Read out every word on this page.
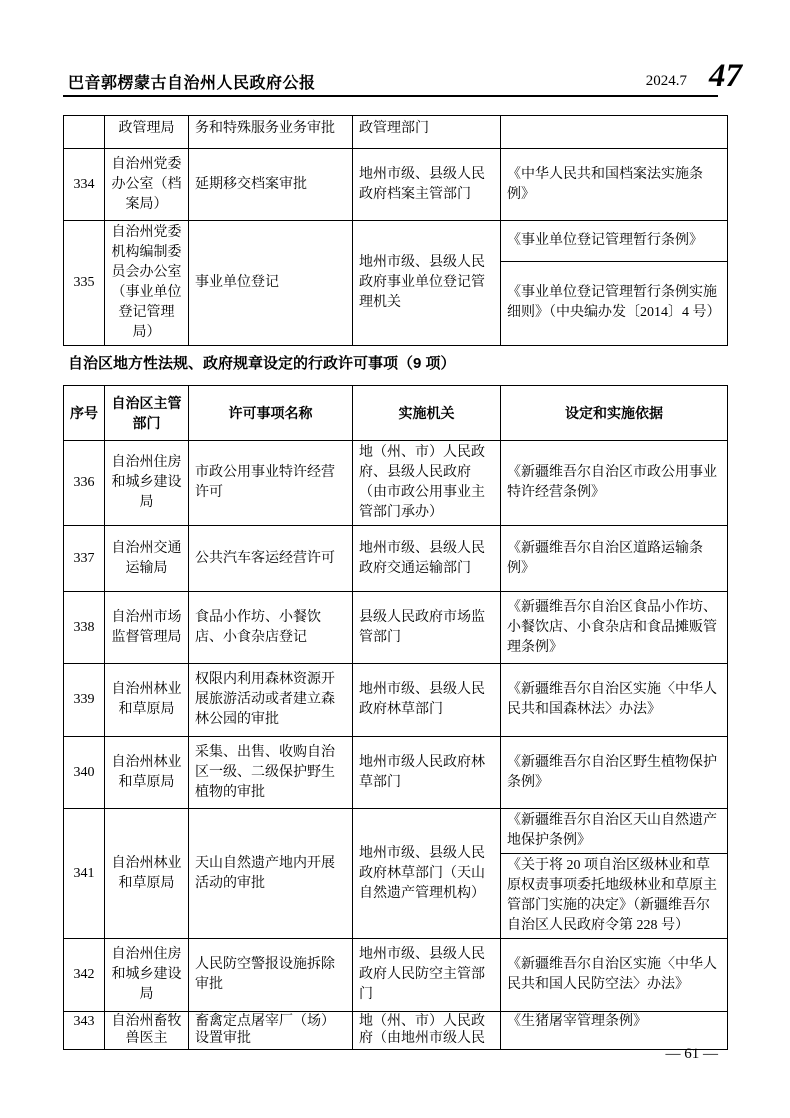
巴音郭楞蒙古自治州人民政府公报	2024.7 47
	政管理局	务和特殊服务业务审批	政管理部门	
334	自治州党委办公室（档案局）	延期移交档案审批	地州市级、县级人民政府档案主管部门	《中华人民共和国档案法实施条例》
335	自治州党委机构编制委员会办公室（事业单位登记管理局）	事业单位登记	地州市级、县级人民政府事业单位登记管理机关	《事业单位登记管理暂行条例》
				《事业单位登记管理暂行条例实施细则》（中央编办发〔2014〕4 号）
自治区地方性法规、政府规章设定的行政许可事项（9 项）
序号	自治区主管部门	许可事项名称	实施机关	设定和实施依据
336	自治州住房和城乡建设局	市政公用事业特许经营许可	地（州、市）人民政府、县级人民政府（由市政公用事业主管部门承办）	《新疆维吾尔自治区市政公用事业特许经营条例》
337	自治州交通运输局	公共汽车客运经营许可	地州市级、县级人民政府交通运输部门	《新疆维吾尔自治区道路运输条例》
338	自治州市场监督管理局	食品小作坊、小餐饮店、小食杂店登记	县级人民政府市场监管部门	《新疆维吾尔自治区食品小作坊、小餐饮店、小食杂店和食品摊贩管理条例》
339	自治州林业和草原局	权限内利用森林资源开展旅游活动或者建立森林公园的审批	地州市级、县级人民政府林草部门	《新疆维吾尔自治区实施〈中华人民共和国森林法〉办法》
340	自治州林业和草原局	采集、出售、收购自治区一级、二级保护野生植物的审批	地州市级人民政府林草部门	《新疆维吾尔自治区野生植物保护条例》
341	自治州林业和草原局	天山自然遗产地内开展活动的审批	地州市级、县级人民政府林草部门（天山自然遗产管理机构）	《新疆维吾尔自治区天山自然遗产地保护条例》
				《关于将 20 项自治区级林业和草原权责事项委托地级林业和草原主管部门实施的决定》（新疆维吾尔自治区人民政府令第 228 号）
342	自治州住房和城乡建设局	人民防空警报设施拆除审批	地州市级、县级人民政府人民防空主管部门	《新疆维吾尔自治区实施〈中华人民共和国人民防空法〉办法》
343	自治州畜牧兽医主	畜禽定点屠宰厂（场）设置审批	地（州、市）人民政府（由地州市级人民	《生猪屠宰管理条例》
— 61 —
